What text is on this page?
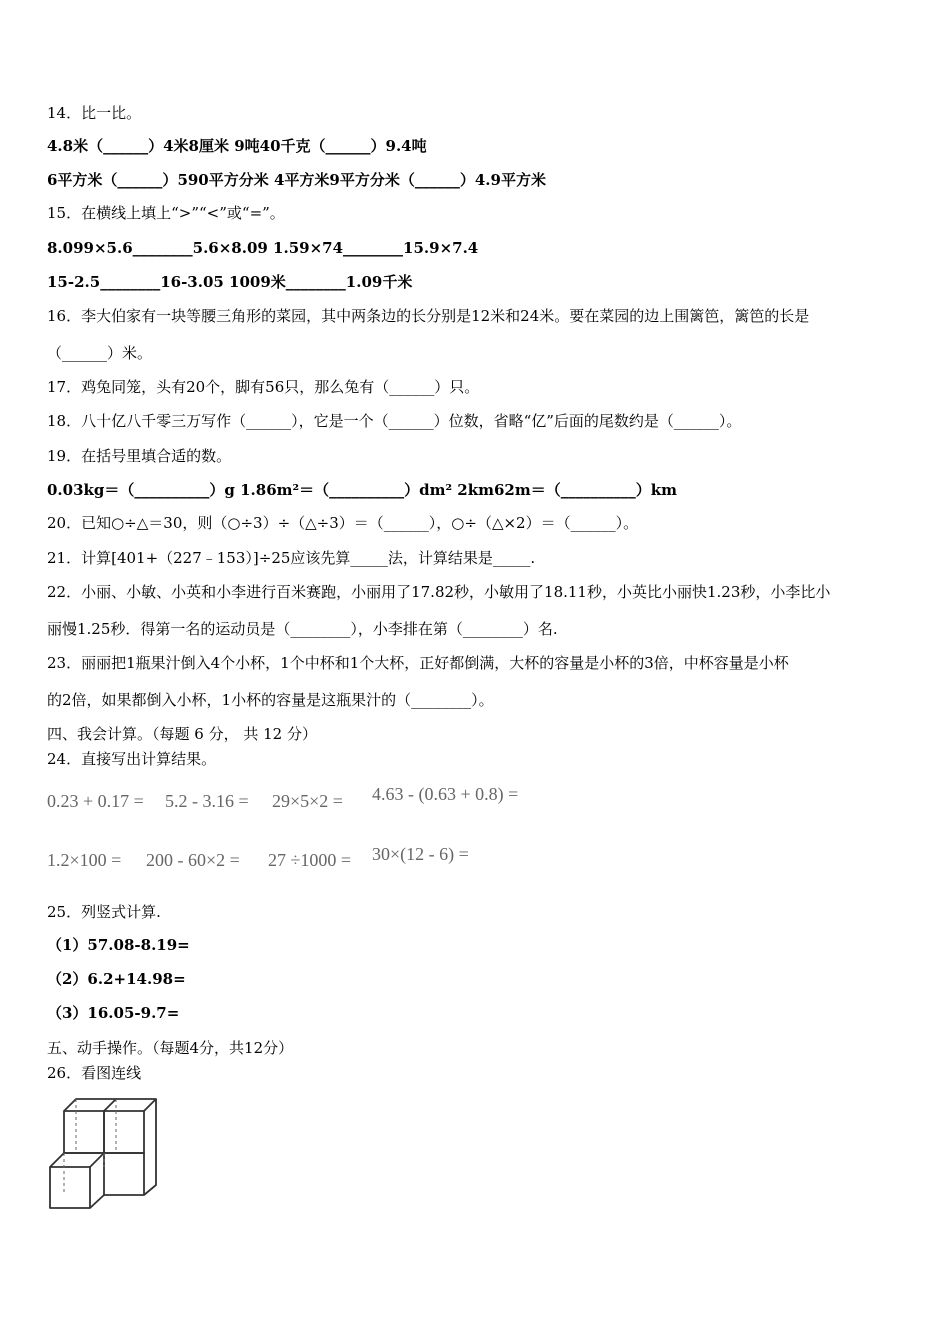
14．比一比。
4.8米（______）4米8厘米 9吨40千克（______）9.4吨
6平方米（______）590平方分米 4平方米9平方分米（______）4.9平方米
15．在横线上填上“>”“<”或“=”。
8.099×5.6________5.6×8.09 1.59×74________15.9×7.4
15-2.5________16-3.05 1009米________1.09千米
16．李大伯家有一块等腰三角形的菜园，其中两条边的长分别是12米和24米。要在菜园的边上围篱笆，篱笆的长是
（______）米。
17．鸡兔同笼，头有20个，脚有56只，那么兔有（______）只。
18．八十亿八千零三万写作（______），它是一个（______）位数，省略“亿”后面的尾数约是（______）。
19．在括号里填合适的数。
0.03kg＝（__________）g 1.86m²＝（__________）dm² 2km62m＝（__________）km
20．已知○÷△＝30，则（○÷3）÷（△÷3）＝（______），○÷（△×2）＝（______）。
21．计算[401+（227﹣153）]÷25应该先算_____法，计算结果是_____.
22．小丽、小敏、小英和小李进行百米赛跑，小丽用了17.82秒，小敏用了18.11秒，小英比小丽快1.23秒，小李比小
丽慢1.25秒．得第一名的运动员是（________），小李排在第（________）名.
23．丽丽把1瓶果汁倒入4个小杯，1个中杯和1个大杯，正好都倒满，大杯的容量是小杯的3倍，中杯容量是小杯
的2倍，如果都倒入小杯，1小杯的容量是这瓶果汁的（________）。
四、我会计算。（每题 6 分， 共 12 分）
24．直接写出计算结果。
0.23 + 0.17 = 5.2 - 3.16 = 29×5×2 = 4.63 - (0.63 + 0.8) =
1.2×100 = 200 - 60×2 = 27 ÷1000 = 30×(12 - 6) =
25．列竖式计算.
（1）57.08-8.19=
（2）6.2+14.98=
（3）16.05-9.7=
五、动手操作。（每题4分，共12分）
26．看图连线
